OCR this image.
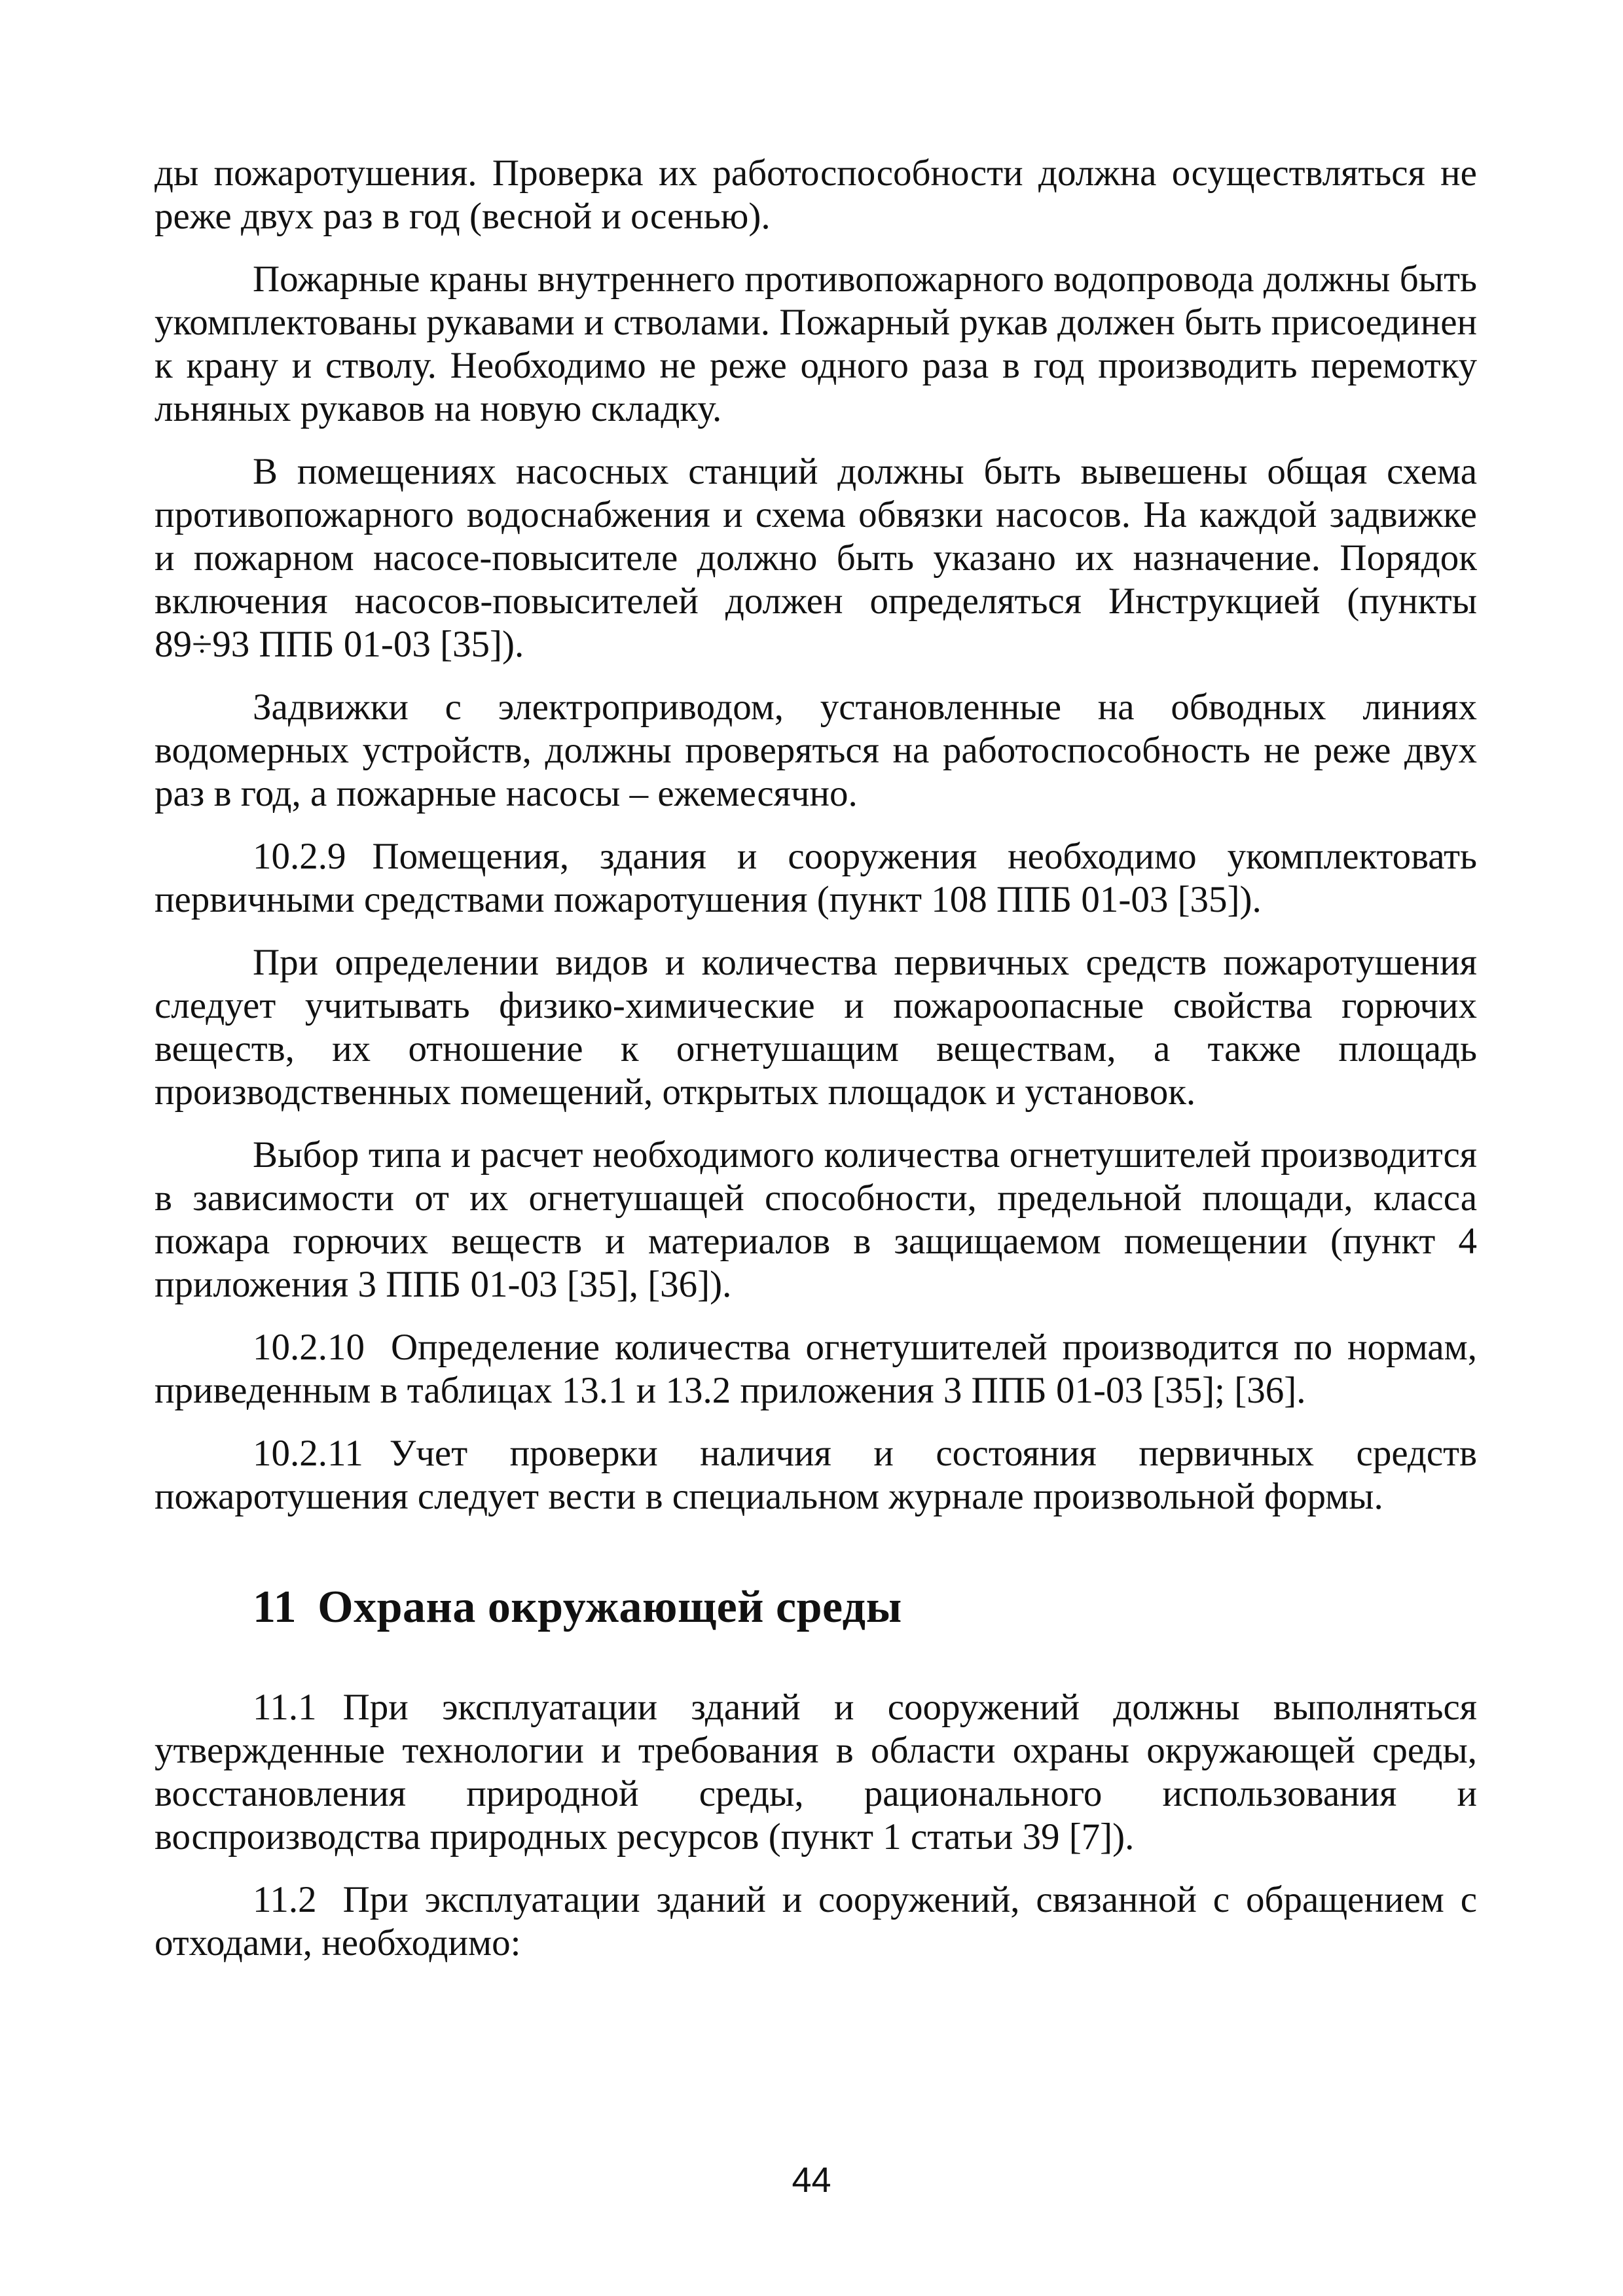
ды пожаротушения. Проверка их работоспособности должна осуществляться не реже двух раз в год (весной и осенью).

Пожарные краны внутреннего противопожарного водопровода должны быть укомплектованы рукавами и стволами. Пожарный рукав должен быть присоединен к крану и стволу. Необходимо не реже одного раза в год производить перемотку льняных рукавов на новую складку.

В помещениях насосных станций должны быть вывешены общая схема противопожарного водоснабжения и схема обвязки насосов. На каждой задвижке и пожарном насосе-повысителе должно быть указано их назначение. Порядок включения насосов-повысителей должен определяться Инструкцией (пункты 89÷93 ППБ 01-03 [35]).

Задвижки с электроприводом, установленные на обводных линиях водомерных устройств, должны проверяться на работоспособность не реже двух раз в год, а пожарные насосы – ежемесячно.

10.2.9 Помещения, здания и сооружения необходимо укомплектовать первичными средствами пожаротушения (пункт 108 ППБ 01-03 [35]).

При определении видов и количества первичных средств пожаротушения следует учитывать физико-химические и пожароопасные свойства горючих веществ, их отношение к огнетушащим веществам, а также площадь производственных помещений, открытых площадок и установок.

Выбор типа и расчет необходимого количества огнетушителей производится в зависимости от их огнетушащей способности, предельной площади, класса пожара горючих веществ и материалов в защищаемом помещении (пункт 4 приложения 3 ППБ 01-03 [35], [36]).

10.2.10 Определение количества огнетушителей производится по нормам, приведенным в таблицах 13.1 и 13.2 приложения 3 ППБ 01-03 [35]; [36].

10.2.11 Учет проверки наличия и состояния первичных средств пожаротушения следует вести в специальном журнале произвольной формы.

11 Охрана окружающей среды

11.1 При эксплуатации зданий и сооружений должны выполняться утвержденные технологии и требования в области охраны окружающей среды, восстановления природной среды, рационального использования и воспроизводства природных ресурсов (пункт 1 статьи 39 [7]).

11.2 При эксплуатации зданий и сооружений, связанной с обращением с отходами, необходимо:

44
